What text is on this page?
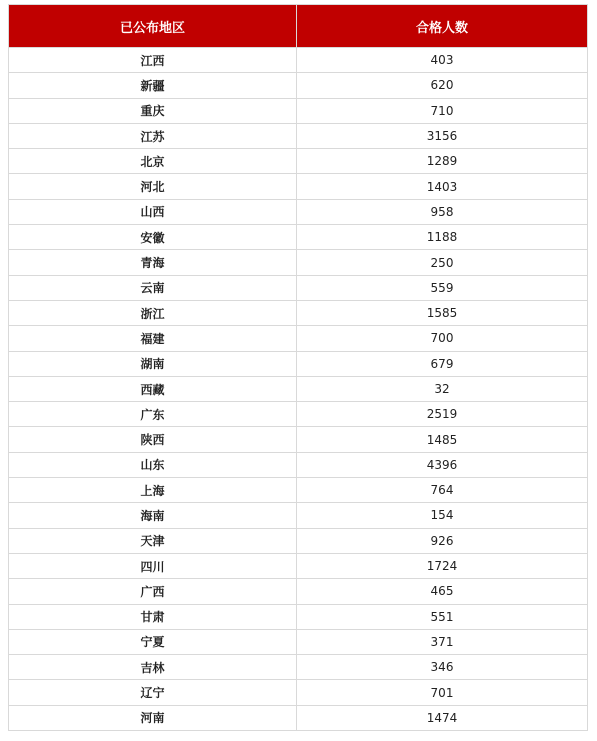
已公布地区	合格人数
江西	403
新疆	620
重庆	710
江苏	3156
北京	1289
河北	1403
山西	958
安徽	1188
青海	250
云南	559
浙江	1585
福建	700
湖南	679
西藏	32
广东	2519
陕西	1485
山东	4396
上海	764
海南	154
天津	926
四川	1724
广西	465
甘肃	551
宁夏	371
吉林	346
辽宁	701
河南	1474
